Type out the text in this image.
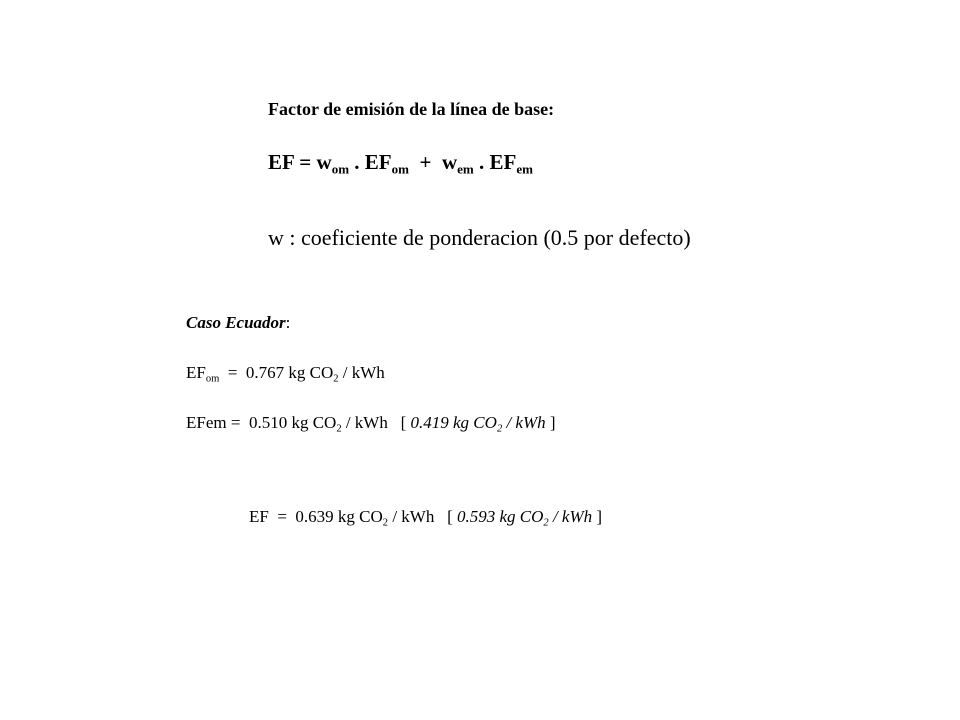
Factor de emisión de la línea de base:
EF = $w_{om}$ . $EF_{om} + w_{em}$ . $EF_{em}$
w : coeficiente de ponderacion (0.5 por defecto)
Caso Ecuador:
$EF_{om} = 0.767$ kg $CO_2$ / kWh
EFem =  0.510 kg $CO_2$ / kWh   [ 0.419 kg $CO_2$ / kWh ]
EF  =  0.639 kg $CO_2$ / kWh   [ 0.593 kg $CO_2$ / kWh ]
